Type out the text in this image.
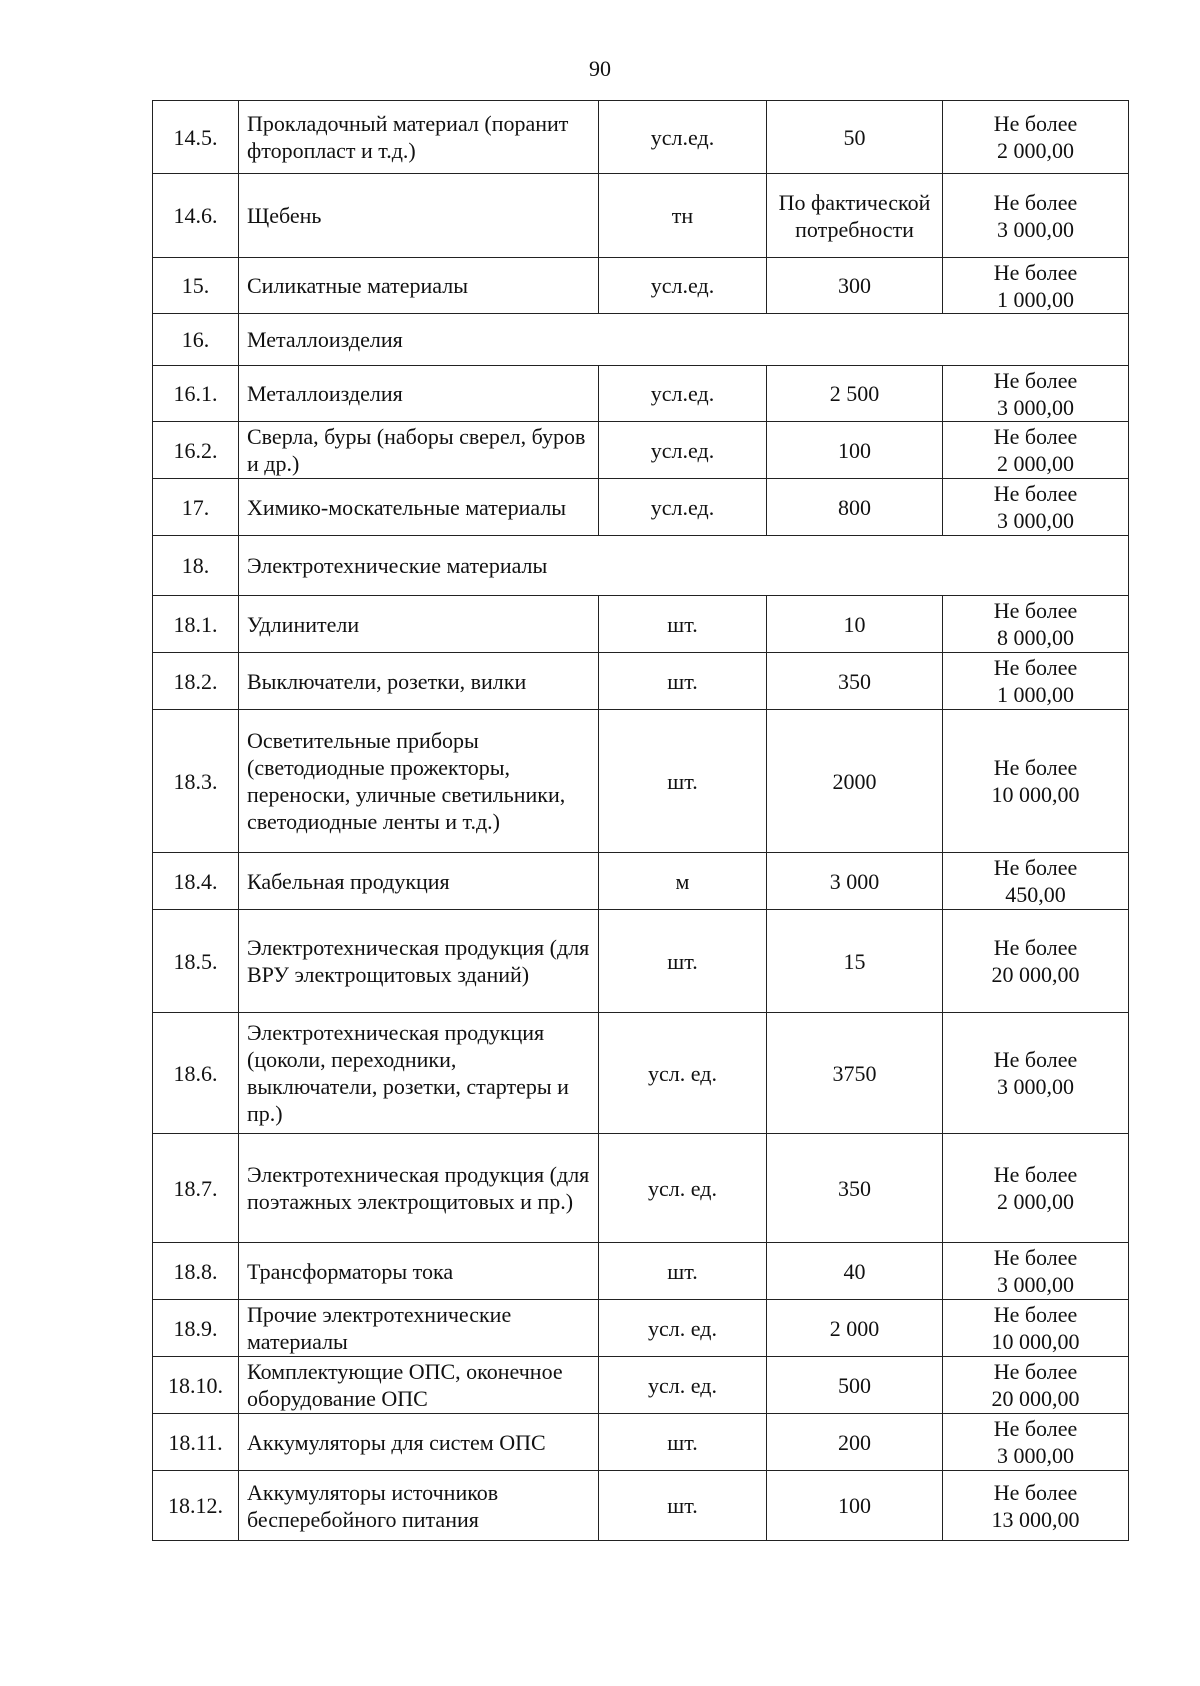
90
14.5.	Прокладочный материал (поранит фторопласт и т.д.)	усл.ед.	50	Не более
2 000,00

14.6.	Щебень	тн	По фактической потребности	Не более
3 000,00

15.	Силикатные материалы	усл.ед.	300	Не более
1 000,00

16.	Металлоизделия			
16.1.	Металлоизделия	усл.ед.	2 500	Не более
3 000,00

16.2.	Сверла, буры (наборы сверел, буров и др.)	усл.ед.	100	Не более
2 000,00

17.	Химико-москательные материалы	усл.ед.	800	Не более
3 000,00

18.	Электротехнические материалы			
18.1.	Удлинители	шт.	10	Не более
8 000,00

18.2.	Выключатели, розетки, вилки	шт.	350	Не более
1 000,00

18.3.	Осветительные приборы (светодиодные прожекторы, переноски, уличные светильники, светодиодные ленты и т.д.)	шт.	2000	Не более
10 000,00

18.4.	Кабельная продукция	м	3 000	Не более
450,00

18.5.	Электротехническая продукция (для ВРУ электрощитовых зданий)	шт.	15	Не более
20 000,00

18.6.	Электротехническая продукция (цоколи, переходники, выключатели, розетки, стартеры и пр.)	усл. ед.	3750	Не более
3 000,00

18.7.	Электротехническая продукция (для поэтажных электрощитовых и пр.)	усл. ед.	350	Не более
2 000,00

18.8.	Трансформаторы тока	шт.	40	Не более
3 000,00

18.9.	Прочие электротехнические материалы	усл. ед.	2 000	Не более
10 000,00

18.10.	Комплектующие ОПС, оконечное оборудование ОПС	усл. ед.	500	Не более
20 000,00

18.11.	Аккумуляторы для систем ОПС	шт.	200	Не более
3 000,00

18.12.	Аккумуляторы источников бесперебойного питания	шт.	100	Не более
13 000,00
